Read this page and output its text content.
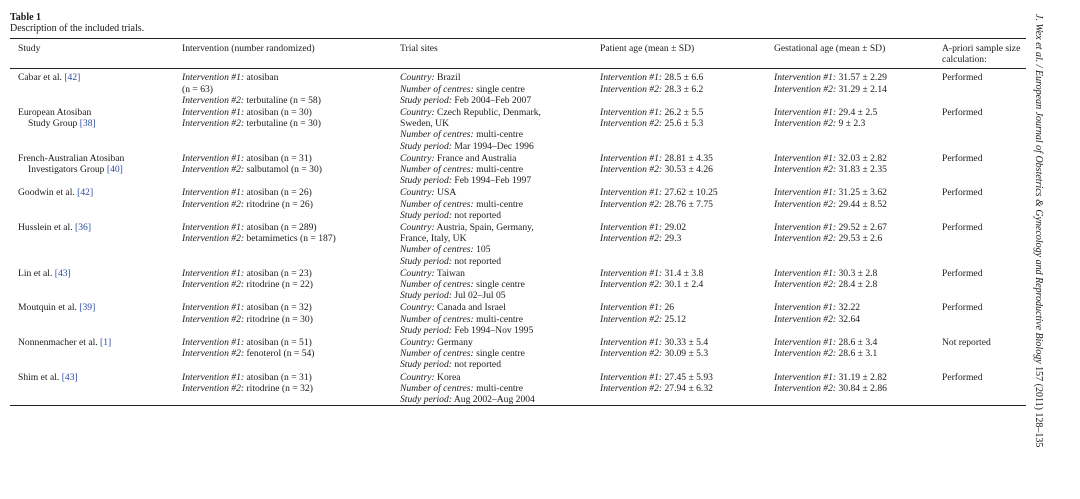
Table 1
Description of the included trials.
Study	Intervention (number randomized)	Trial sites	Patient age (mean ± SD)	Gestational age (mean ± SD)	A-priori sample size
calculation:

Cabar et al. [42]	Intervention #1: atosiban
(n = 63)
Intervention #2: terbutaline (n = 58)	Country: Brazil
Number of centres: single centre
Study period: Feb 2004–Feb 2007	Intervention #1: 28.5 ± 6.6
Intervention #2: 28.3 ± 6.2	Intervention #1: 31.57 ± 2.29
Intervention #2: 31.29 ± 2.14	Performed

European Atosiban
Study Group [38]	Intervention #1: atosiban (n = 30)
Intervention #2: terbutaline (n = 30)	Country: Czech Republic, Denmark,
Sweden, UK
Number of centres: multi-centre
Study period: Mar 1994–Dec 1996	Intervention #1: 26.2 ± 5.5
Intervention #2: 25.6 ± 5.3	Intervention #1: 29.4 ± 2.5
Intervention #2: 9 ± 2.3	Performed

French-Australian Atosiban
Investigators Group [40]	Intervention #1: atosiban (n = 31)
Intervention #2: salbutamol (n = 30)	Country: France and Australia
Number of centres: multi-centre
Study period: Feb 1994–Feb 1997	Intervention #1: 28.81 ± 4.35
Intervention #2: 30.53 ± 4.26	Intervention #1: 32.03 ± 2.82
Intervention #2: 31.83 ± 2.35	Performed

Goodwin et al. [42]	Intervention #1: atosiban (n = 26)
Intervention #2: ritodrine (n = 26)	Country: USA
Number of centres: multi-centre
Study period: not reported	Intervention #1: 27.62 ± 10.25
Intervention #2: 28.76 ± 7.75	Intervention #1: 31.25 ± 3.62
Intervention #2: 29.44 ± 8.52	Performed

Husslein et al. [36]	Intervention #1: atosiban (n = 289)
Intervention #2: betamimetics (n = 187)	Country: Austria, Spain, Germany,
France, Italy, UK
Number of centres: 105
Study period: not reported	Intervention #1: 29.02
Intervention #2: 29.3	Intervention #1: 29.52 ± 2.67
Intervention #2: 29.53 ± 2.6	Performed

Lin et al. [43]	Intervention #1: atosiban (n = 23)
Intervention #2: ritodrine (n = 22)	Country: Taiwan
Number of centres: single centre
Study period: Jul 02–Jul 05	Intervention #1: 31.4 ± 3.8
Intervention #2: 30.1 ± 2.4	Intervention #1: 30.3 ± 2.8
Intervention #2: 28.4 ± 2.8	Performed

Moutquin et al. [39]	Intervention #1: atosiban (n = 32)
Intervention #2: ritodrine (n = 30)	Country: Canada and Israel
Number of centres: multi-centre
Study period: Feb 1994–Nov 1995	Intervention #1: 26
Intervention #2: 25.12	Intervention #1: 32.22
Intervention #2: 32.64	Performed

Nonnenmacher et al. [1]	Intervention #1: atosiban (n = 51)
Intervention #2: fenoterol (n = 54)	Country: Germany
Number of centres: single centre
Study period: not reported	Intervention #1: 30.33 ± 5.4
Intervention #2: 30.09 ± 5.3	Intervention #1: 28.6 ± 3.4
Intervention #2: 28.6 ± 3.1	Not reported

Shim et al. [43]	Intervention #1: atosiban (n = 31)
Intervention #2: ritodrine (n = 32)	Country: Korea
Number of centres: multi-centre
Study period: Aug 2002–Aug 2004	Intervention #1: 27.45 ± 5.93
Intervention #2: 27.94 ± 6.32	Intervention #1: 31.19 ± 2.82
Intervention #2: 30.84 ± 2.86	Performed
J. Wex et al. / European Journal of Obstetrics & Gynecology and Reproductive Biology 157 (2011) 128–135
